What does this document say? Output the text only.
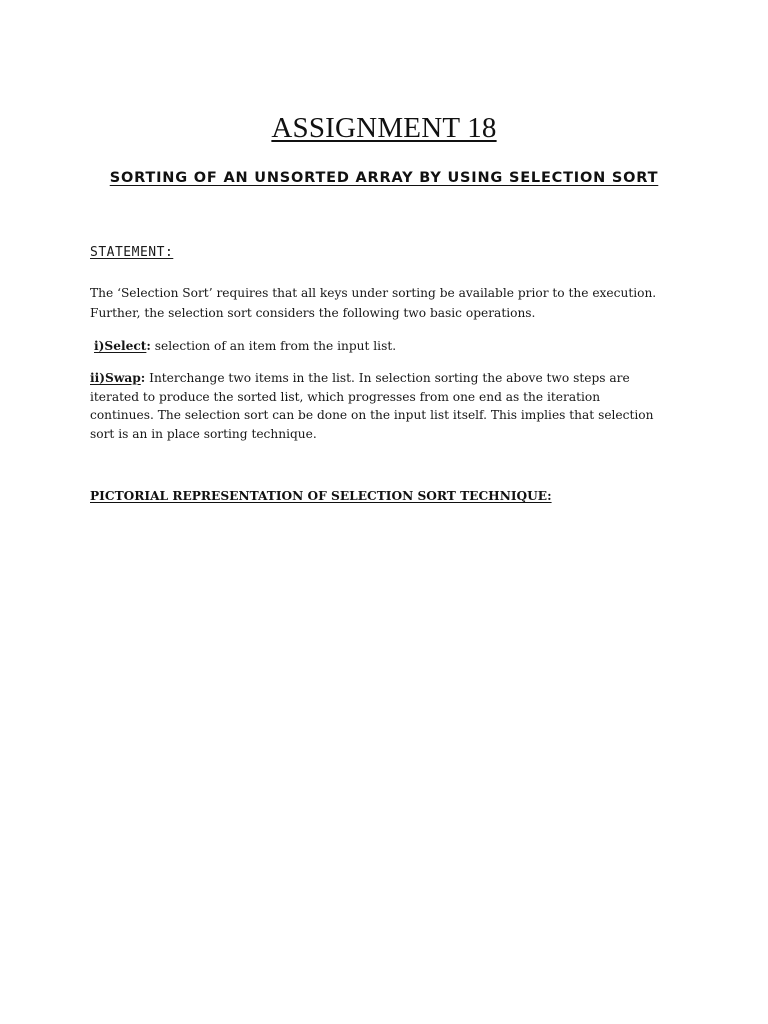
ASSIGNMENT 18
SORTING OF AN UNSORTED ARRAY BY USING SELECTION SORT
STATEMENT:

The ‘Selection Sort’ requires that all keys under sorting be available prior to the execution.
Further, the selection sort considers the following two basic operations.

i)Select: selection of an item from the input list.

ii)Swap: Interchange two items in the list. In selection sorting the above two steps are
iterated to produce the sorted list, which progresses from one end as the iteration
continues. The selection sort can be done on the input list itself. This implies that selection
sort is an in place sorting technique.

PICTORIAL REPRESENTATION OF SELECTION SORT TECHNIQUE:
